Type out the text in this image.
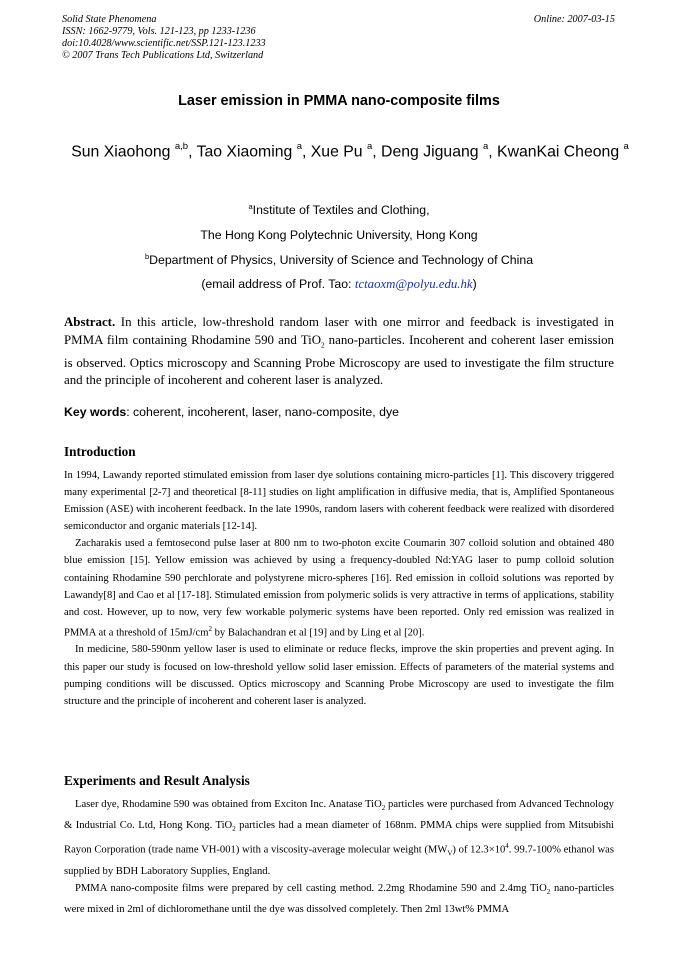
Solid State Phenomena
ISSN: 1662-9779, Vols. 121-123, pp 1233-1236
doi:10.4028/www.scientific.net/SSP.121-123.1233
© 2007 Trans Tech Publications Ltd, Switzerland
Online: 2007-03-15
Laser emission in PMMA nano-composite films
Sun Xiaohong $^{a,b}$, Tao Xiaoming $^a$, Xue Pu $^a$, Deng Jiguang $^a$, KwanKai Cheong $^a$
$^a$Institute of Textiles and Clothing,
The Hong Kong Polytechnic University, Hong Kong
$^b$Department of Physics, University of Science and Technology of China
(email address of Prof. Tao: tctaoxm@polyu.edu.hk)
Abstract. In this article, low-threshold random laser with one mirror and feedback is investigated in PMMA film containing Rhodamine 590 and TiO$_2$ nano-particles. Incoherent and coherent laser emission is observed. Optics microscopy and Scanning Probe Microscopy are used to investigate the film structure and the principle of incoherent and coherent laser is analyzed.
Key words: coherent, incoherent, laser, nano-composite, dye
Introduction
In 1994, Lawandy reported stimulated emission from laser dye solutions containing micro-particles [1]. This discovery triggered many experimental [2-7] and theoretical [8-11] studies on light amplification in diffusive media, that is, Amplified Spontaneous Emission (ASE) with incoherent feedback. In the late 1990s, random lasers with coherent feedback were realized with disordered semiconductor and organic materials [12-14].
Zacharakis used a femtosecond pulse laser at 800 nm to two-photon excite Coumarin 307 colloid solution and obtained 480 blue emission [15]. Yellow emission was achieved by using a frequency-doubled Nd:YAG laser to pump colloid solution containing Rhodamine 590 perchlorate and polystyrene micro-spheres [16]. Red emission in colloid solutions was reported by Lawandy[8] and Cao et al [17-18]. Stimulated emission from polymeric solids is very attractive in terms of applications, stability and cost. However, up to now, very few workable polymeric systems have been reported. Only red emission was realized in PMMA at a threshold of $15mJ/cm^2$ by Balachandran et al [19] and by Ling et al [20].
In medicine, 580-590nm yellow laser is used to eliminate or reduce flecks, improve the skin properties and prevent aging. In this paper our study is focused on low-threshold yellow solid laser emission. Effects of parameters of the material systems and pumping conditions will be discussed. Optics microscopy and Scanning Probe Microscopy are used to investigate the film structure and the principle of incoherent and coherent laser is analyzed.
Experiments and Result Analysis
Laser dye, Rhodamine 590 was obtained from Exciton Inc. Anatase TiO$_2$ particles were purchased from Advanced Technology & Industrial Co. Ltd, Hong Kong. TiO$_2$ particles had a mean diameter of 168nm. PMMA chips were supplied from Mitsubishi Rayon Corporation (trade name VH-001) with a viscosity-average molecular weight $(MW_V)$ of $12.3\times 10^4$. 99.7-100% ethanol was supplied by BDH Laboratory Supplies, England.
PMMA nano-composite films were prepared by cell casting method. 2.2mg Rhodamine 590 and 2.4mg TiO$_2$ nano-particles were mixed in 2ml of dichloromethane until the dye was dissolved completely. Then 2ml 13wt% PMMA
